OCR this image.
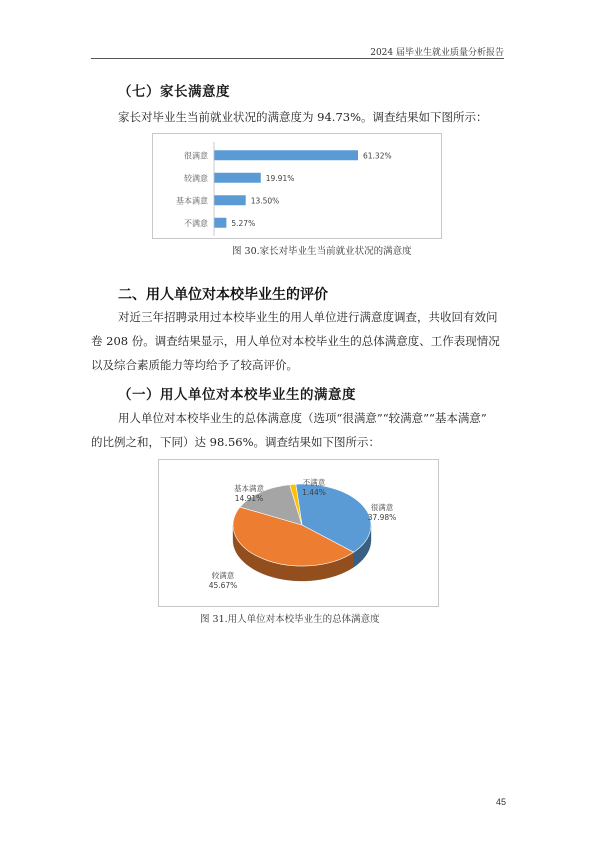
2024 届毕业生就业质量分析报告
（七）家长满意度
家长对毕业生当前就业状况的满意度为 94.73%。调查结果如下图所示：
很满意	61.32%
较满意	19.91%
基本满意	13.50%
不满意	5.27%
图 30.家长对毕业生当前就业状况的满意度
二、用人单位对本校毕业生的评价
对近三年招聘录用过本校毕业生的用人单位进行满意度调查，共收回有效问
卷 208 份。调查结果显示，用人单位对本校毕业生的总体满意度、工作表现情况
以及综合素质能力等均给予了较高评价。
（一）用人单位对本校毕业生的满意度
用人单位对本校毕业生的总体满意度（选项“很满意”“较满意”“基本满意”
的比例之和，下同）达 98.56%。调查结果如下图所示：
很满意
37.98%
较满意
45.67%
基本满意
14.91%
不满意
1.44%
图 31.用人单位对本校毕业生的总体满意度
45
